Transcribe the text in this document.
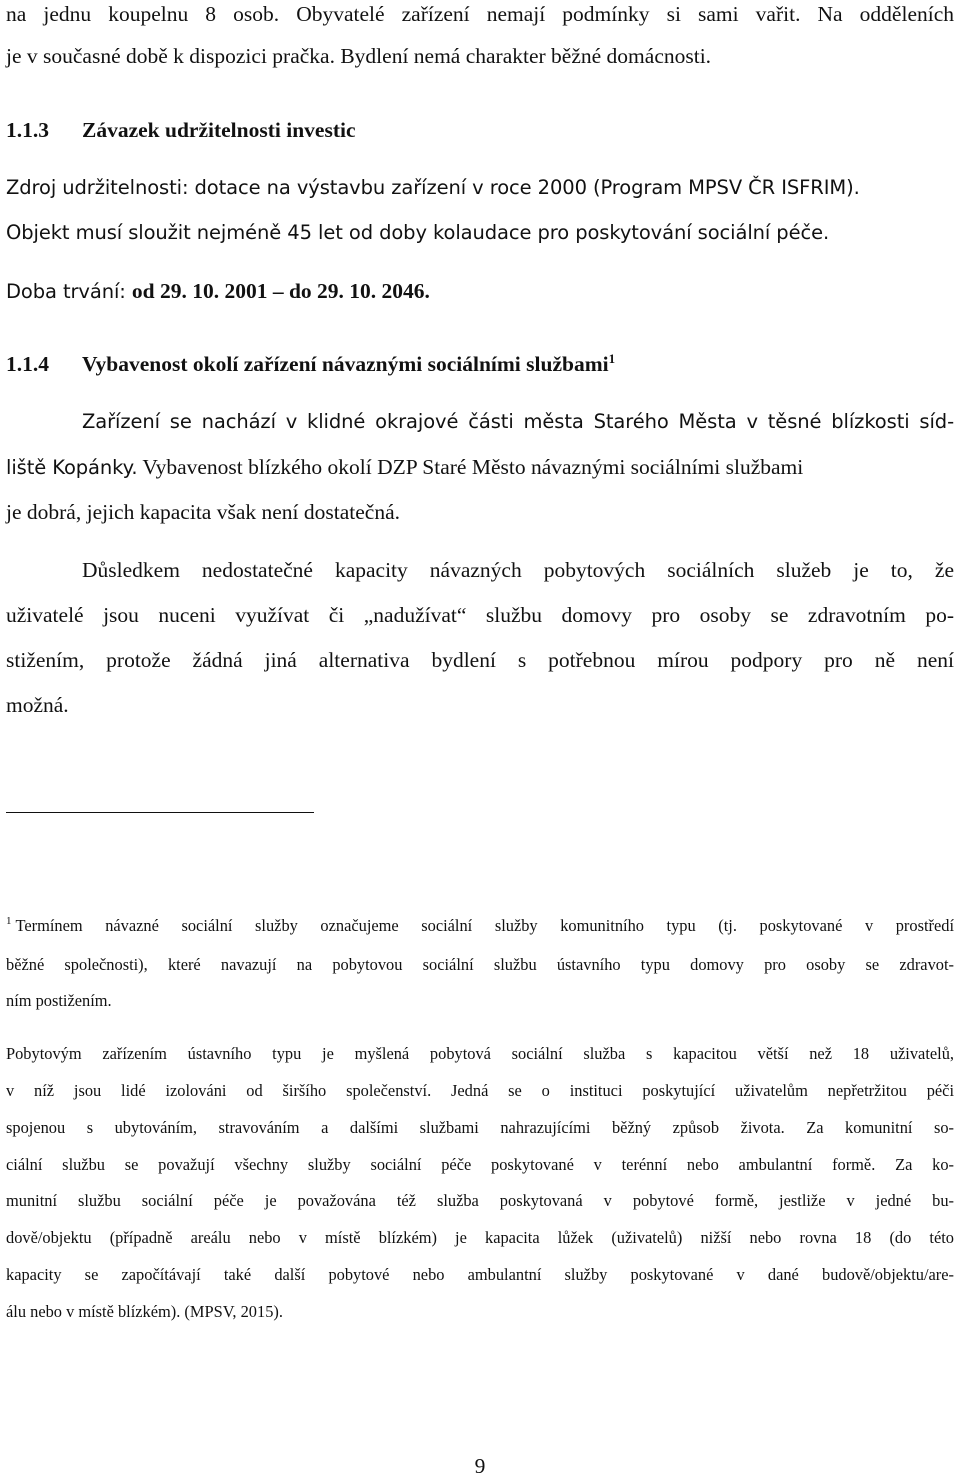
na jednu koupelnu 8 osob. Obyvatelé zařízení nemají podmínky si sami vařit. Na odděleních
je v současné době k dispozici pračka. Bydlení nemá charakter běžné domácnosti.
1.1.3 Závazek udržitelnosti investic
Zdroj udržitelnosti: dotace na výstavbu zařízení v roce 2000 (Program MPSV ČR ISFRIM).
Objekt musí sloužit nejméně 45 let od doby kolaudace pro poskytování sociální péče.
Doba trvání: od 29. 10. 2001 – do 29. 10. 2046.
1.1.4 Vybavenost okolí zařízení návaznými sociálními službami$^1$
Zařízení se nachází v klidné okrajové části města Starého Města v těsné blízkosti síd-
liště Kopánky. Vybavenost blízkého okolí DZP Staré Město návaznými sociálními službami
je dobrá, jejich kapacita však není dostatečná.
Důsledkem nedostatečné kapacity návazných pobytových sociálních služeb je to, že
uživatelé jsou nuceni využívat či „nadužívat“ službu domovy pro osoby se zdravotním po-
stižením, protože žádná jiná alternativa bydlení s potřebnou mírou podpory pro ně není
možná.
$^1$ Termínem návazné sociální služby označujeme sociální služby komunitního typu (tj. poskytované v prostředí
běžné společnosti), které navazují na pobytovou sociální službu ústavního typu domovy pro osoby se zdravot-
ním postižením.
Pobytovým zařízením ústavního typu je myšlená pobytová sociální služba s kapacitou větší než 18 uživatelů,
v níž jsou lidé izolováni od širšího společenství. Jedná se o instituci poskytující uživatelům nepřetržitou péči
spojenou s ubytováním, stravováním a dalšími službami nahrazujícími běžný způsob života. Za komunitní so-
ciální službu se považují všechny služby sociální péče poskytované v terénní nebo ambulantní formě. Za ko-
munitní službu sociální péče je považována též služba poskytovaná v pobytové formě, jestliže v jedné bu-
dově/objektu (případně areálu nebo v místě blízkém) je kapacita lůžek (uživatelů) nižší nebo rovna 18 (do této
kapacity se započítávají také další pobytové nebo ambulantní služby poskytované v dané budově/objektu/are-
álu nebo v místě blízkém). (MPSV, 2015).
9
